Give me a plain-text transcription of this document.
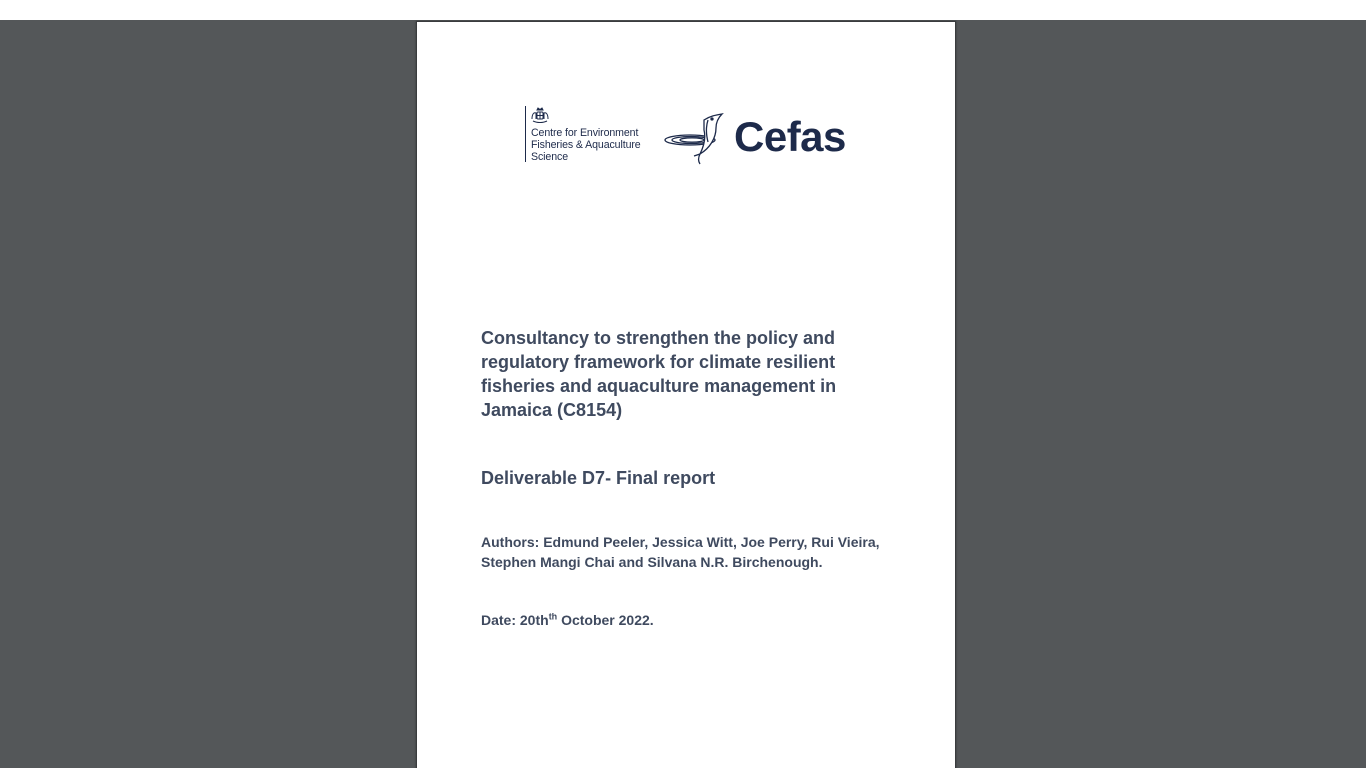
Centre for Environment
Fisheries & Aquaculture
Science	Cefas
Consultancy to strengthen the policy and regulatory framework for climate resilient fisheries and aquaculture management in Jamaica (C8154)
Deliverable D7- Final report

Authors: Edmund Peeler, Jessica Witt, Joe Perry, Rui Vieira, Stephen Mangi Chai and Silvana N.R. Birchenough.

Date: $20th^{th}$ October 2022.
